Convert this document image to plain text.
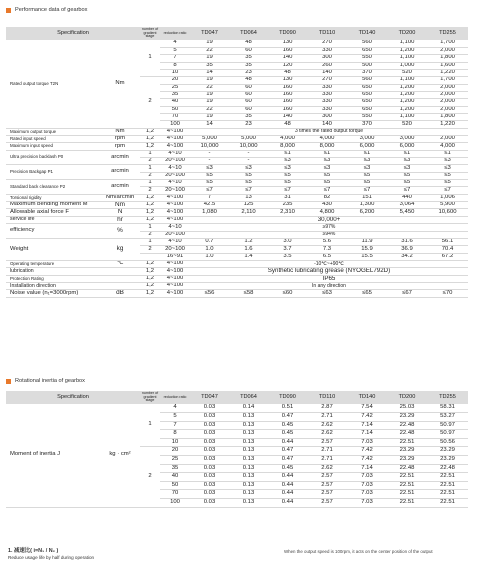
Performance data of gearbox
Specification		number of gradient stage	reduction ratio	TD047	TD064	TD090	TD110	TD140	TD200	TD255
Rated output torque T2N	Nm	1	4	19	48	130	270	560	1,100	1,700
			5	22	60	160	330	650	1,200	2,000
			7	19	35	140	300	550	1,100	1,800
			8	35	35	120	260	500	1,000	1,600
			10	14	23	48	140	370	520	1,220
		2	20	19	48	130	270	560	1,100	1,700
			25	22	60	160	330	650	1,200	2,000
			35	19	60	160	330	650	1,200	2,000
			40	19	60	160	330	650	1,200	2,000
			50	22	60	160	330	650	1,200	2,000
			70	19	35	140	300	550	1,100	1,800
			100	14	23	48	140	370	520	1,220
Maximum output torque	Nm	1,2	4~100	3 times the rated output torque						
Rated input speed	rpm	1,2	4~100	5,000	5,000	4,000	4,000	3,000	3,000	2,000
Maximum input speed	rpm	1,2	4~100	10,000	10,000	8,000	8,000	6,000	6,000	4,000
Ultra precision backlash P0	arcmin	1	4~10	-	-	≤1	≤1	≤1	≤1	≤1
		2	20~100	-	-	≤3	≤3	≤3	≤3	≤3
Precision Backgap P1	arcmin	1	4~10	≤3	≤3	≤3	≤3	≤3	≤3	≤3
		2	20~100	≤5	≤5	≤5	≤5	≤5	≤5	≤5
Standard back clearance P2	arcmin	1	4~10	≤5	≤5	≤5	≤5	≤5	≤5	≤5
		2	20~100	≤7	≤7	≤7	≤7	≤7	≤7	≤7
Torsional rigidity	Nm/arcmin	1,2	4~100	7	13	31	82	151	440	1,006
Maximum bending moment M	Nm	1,2	4~100	42.5	125	235	430	1,300	3,064	5,900
Allowable axial force F	N	1,2	4~100	1,080	2,110	2,310	4,800	6,200	5,450	10,600
service life	hr	1,2	4~100	30,000+						
efficiency	%	1	4~10	≥97%						
		2	20~100	≥94%						
Weight	kg	1	4~10	0.7	1.2	3.0	5.6	11.9	31.6	56.1
		2	20~100	1.0	1.6	3.7	7.3	15.9	36.9	70.4
			16~91	1.0	1.4	3.5	6.5	15.5	34.2	67.2
Operating temperature	℃	1,2	4~100	-10℃~+90℃						
lubrication		1,2	4~100	Synthetic lubricating grease (NYOGEL792D)						
Protection Rating		1,2	4~100	IP65						
Installation direction		1,2	4~100	In any direction						
Noise value (n₁=3000rpm)	dB	1,2	4~100	≤56	≤58	≤60	≤63	≤65	≤67	≤70
Rotational inertia of gearbox
Specification		number of gradient stage	reduction ratio	TD047	TD064	TD090	TD110	TD140	TD200	TD255
Moment of inertia J	kg · cm²	1	4	0.03	0.14	0.51	2.87	7.54	25.03	58.31
			5	0.03	0.13	0.47	2.71	7.42	23.29	53.27
			7	0.03	0.13	0.45	2.62	7.14	22.48	50.97
			8	0.03	0.13	0.45	2.62	7.14	22.48	50.97
			10	0.03	0.13	0.44	2.57	7.03	22.51	50.56
		2	20	0.03	0.13	0.47	2.71	7.42	23.29	23.29
			25	0.03	0.13	0.47	2.71	7.42	23.29	23.29
			35	0.03	0.13	0.45	2.62	7.14	22.48	22.48
			40	0.03	0.13	0.44	2.57	7.03	22.51	22.51
			50	0.03	0.13	0.44	2.57	7.03	22.51	22.51
			70	0.03	0.13	0.44	2.57	7.03	22.51	22.51
			100	0.03	0.13	0.44	2.57	7.03	22.51	22.51
1. 减速比( i=N₁ / N₂ )
Reduce usage life by half during operation
When the output speed is 100rpm, it acts on the center position of the output
